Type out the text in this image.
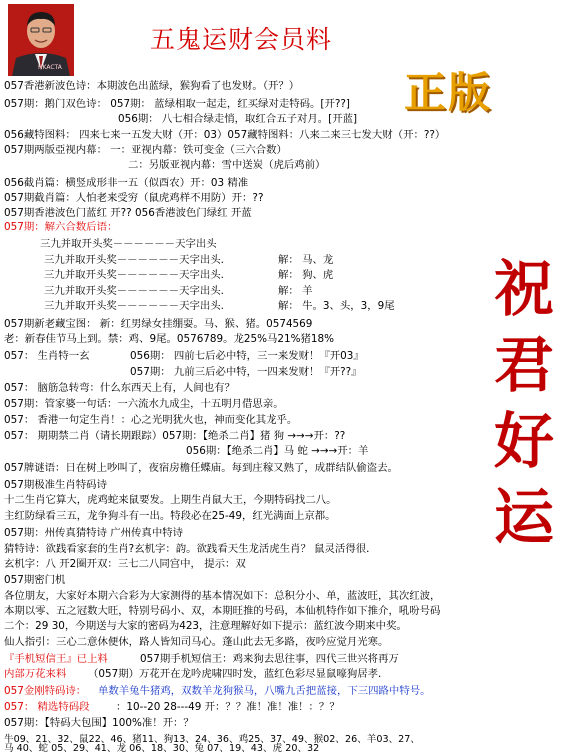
HKACTA
五鬼运财会员料
正版
祝
君
好
运
057香港新波色诗：本期波色出蓝绿，猴狗看了也发财。（开？）
057期：鹅门双色诗： 057期： 蓝绿相取一起走，红买绿对走特码。[开??]
056期： 八七相合绿走悄，取红合五子对月。[开蓝]
056藏特图料： 四来七来一五发大财（开：03）057藏特图料：八来二来三七发大财（开：??）
057期两版亞视内幕： 一：亚视内幕：铁可变金（三六合数）
二：另版亚视内幕：雪中送炭（虎后鸡前）
056截肖篇：横竖成形非一五（似酉农）开：03 精准
057期截肖篇：人怕老来受穷（鼠虎鸡样不用防）开：??
057期香港波色门蓝红 开?? 056香港波色门绿红 开蓝
057期：解六合数后语：
三九并取开头奖－－－－－－天字出头
三九并取开头奖－－－－－－天字出头.	解： 马、龙
三九并取开头奖－－－－－－天字出头.	解： 狗、虎
三九并取开头奖－－－－－－天字出头.	解： 羊
三九并取开头奖－－－－－－天字出头.	解： 牛。3、头，3，9尾
057期新老藏宝图： 新：红男绿女挂绷耍。马、猴、猪。0574569
老：新春佳节马上到。禁：鸡、9尾。0576789。龙25%马21%猪18%
057： 生肖特一玄	056期： 四前七后必中特，三一来发财！『开03』
057期： 九前三后必中特，一四来发财！『开??』
057： 脑筋急转弯：什么东西天上有，人间也有？
057期：管家婆一句话：一六流水九成尘，十五明月借思亲。
057： 香港一句定生肖！：心之光明犹火也，神而变化其龙乎。
057： 期期禁二肖（请长期跟踪）057期：【绝杀二肖】猪 狗 →→→开：??
056期：【绝杀二肖】马 蛇 →→→开：羊
057牌谜语：日在树上吵叫了，夜宿房檐任蝶庙。每到庄稼又熟了，成群结队偷盗去。
057期极准生肖特码诗
十二生肖它算大，虎鸡蛇来鼠要发。上期生肖鼠大王，今期特码找二八。
主红防绿看三五，龙争狗斗有一出。特段必在25-49，红光满面上京都。
057期：州传真猜特诗 广州传真中特诗
猜特诗：欲践看家套的生肖?玄机字：韵。欲践看天生龙活虎生肖？ 鼠灵活得很．
玄机字：八 开2圈开双：三七二八同宫中， 提示：双
057期密门机
各位朋友，大家好本期六合彩为大家测得的基本情况如下：总积分小、单，蓝波旺，其次红波，
本期以零、五之冠数大旺，特别号码小、双，本期旺推的号码，本仙机特作如下推介，吼吩号码
二个：29 30，今期送与大家的密码为423，注意理解好如下提示：蓝红波今期来中奖。
仙人指引：三心二意休便休，路人皆知司马心。蓬山此去无多路，夜吟应觉月光寒。
『手机短信王』已上料	057期手机短信王：鸡来狗去思往事，四代三世兴将再万
内部万花来料 （057期）万花开在龙吟虎啸四时发，蓝红色彩尽显鼠嚎狗居孝．
057金刚特码诗： 单数羊兔牛猪鸡，双数羊龙狗猴马，八嘴九舌把蓝接，下三四路中特号。
057： 精选特码段	：10--20 28---49 开：？？准！准！准！：？？
057期：【特码大包围】100%准！开：？
牛09、21、32、鼠22、46、猪11、狗13、24、36、鸡25、37、49、猴02、26、羊03、27、
马 40、蛇 05、29、41、龙 06、18、30、兔 07、19、43、虎 20、32
